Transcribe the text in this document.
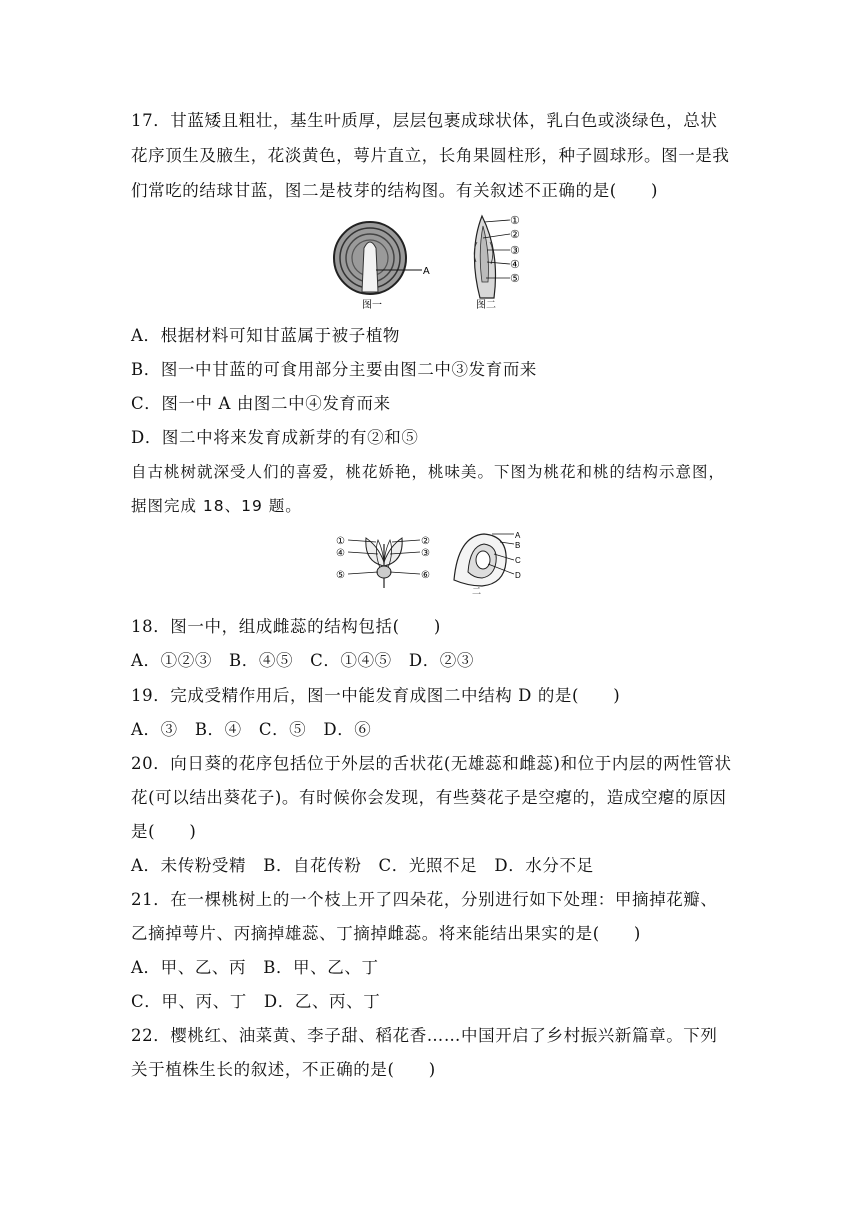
17．甘蓝矮且粗壮，基生叶质厚，层层包裹成球状体，乳白色或淡绿色，总状
花序顶生及腋生，花淡黄色，萼片直立，长角果圆柱形，种子圆球形。图一是我
们常吃的结球甘蓝，图二是枝芽的结构图。有关叙述不正确的是(　　)
A
图一
①
②
③
④
⑤
图二
A．根据材料可知甘蓝属于被子植物
B．图一中甘蓝的可食用部分主要由图二中③发育而来
C．图一中 A 由图二中④发育而来
D．图二中将来发育成新芽的有②和⑤
自古桃树就深受人们的喜爱，桃花娇艳，桃味美。下图为桃花和桃的结构示意图，
据图完成 18、19 题。
①
④
⑤
②
③
⑥
A
B
C
D
二
18．图一中，组成雌蕊的结构包括(　　)
A．①②③　B．④⑤　C．①④⑤　D．②③
19．完成受精作用后，图一中能发育成图二中结构 D 的是(　　)
A．③　B．④　C．⑤　D．⑥
20．向日葵的花序包括位于外层的舌状花(无雄蕊和雌蕊)和位于内层的两性管状
花(可以结出葵花子)。有时候你会发现，有些葵花子是空瘪的，造成空瘪的原因
是(　　)
A．未传粉受精　B．自花传粉　C．光照不足　D．水分不足
21．在一棵桃树上的一个枝上开了四朵花，分别进行如下处理：甲摘掉花瓣、
乙摘掉萼片、丙摘掉雄蕊、丁摘掉雌蕊。将来能结出果实的是(　　)
A．甲、乙、丙　B．甲、乙、丁
C．甲、丙、丁　D．乙、丙、丁
22．樱桃红、油菜黄、李子甜、稻花香……中国开启了乡村振兴新篇章。下列
关于植株生长的叙述，不正确的是(　　)
